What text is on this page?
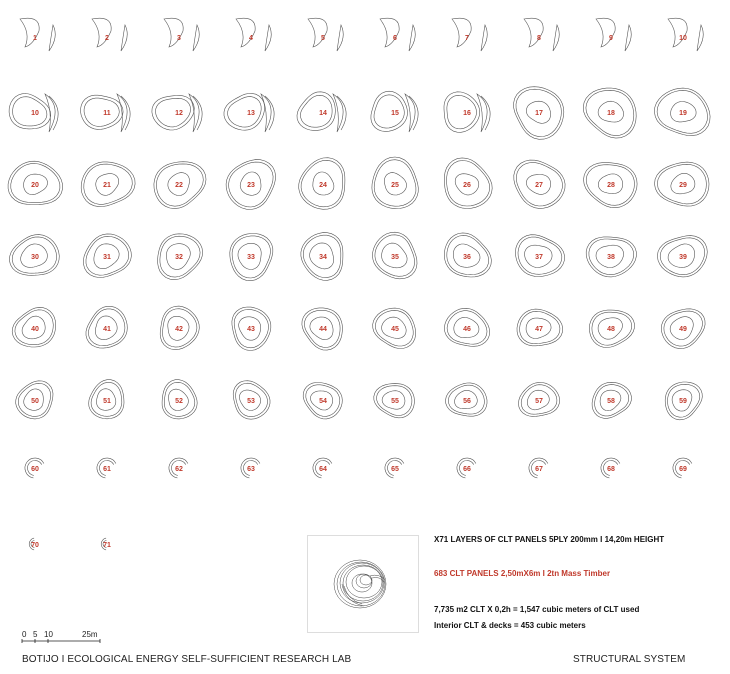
1	2	3	4	5	6	7	8	9	10
10	11	12	13	14	15	16	17	18	19
20	21	22	23	24	25	26	27	28	29
30	31	32	33	34	35	36	37	38	39
40	41	42	43	44	45	46	47	48	49
50	51	52	53	54	55	56	57	58	59
60	61	62	63	64	65	66	67	68	69
70	71
X71 LAYERS OF CLT PANELS 5PLY 200mm I 14,20m HEIGHT
683 CLT PANELS 2,50mX6m I 2tn Mass Timber
7,735 m2 CLT X 0,2h = 1,547 cubic meters of CLT used
Interior CLT & decks = 453 cubic meters
0 5 10	25m
BOTIJO I ECOLOGICAL ENERGY SELF-SUFFICIENT RESEARCH LAB	STRUCTURAL SYSTEM
